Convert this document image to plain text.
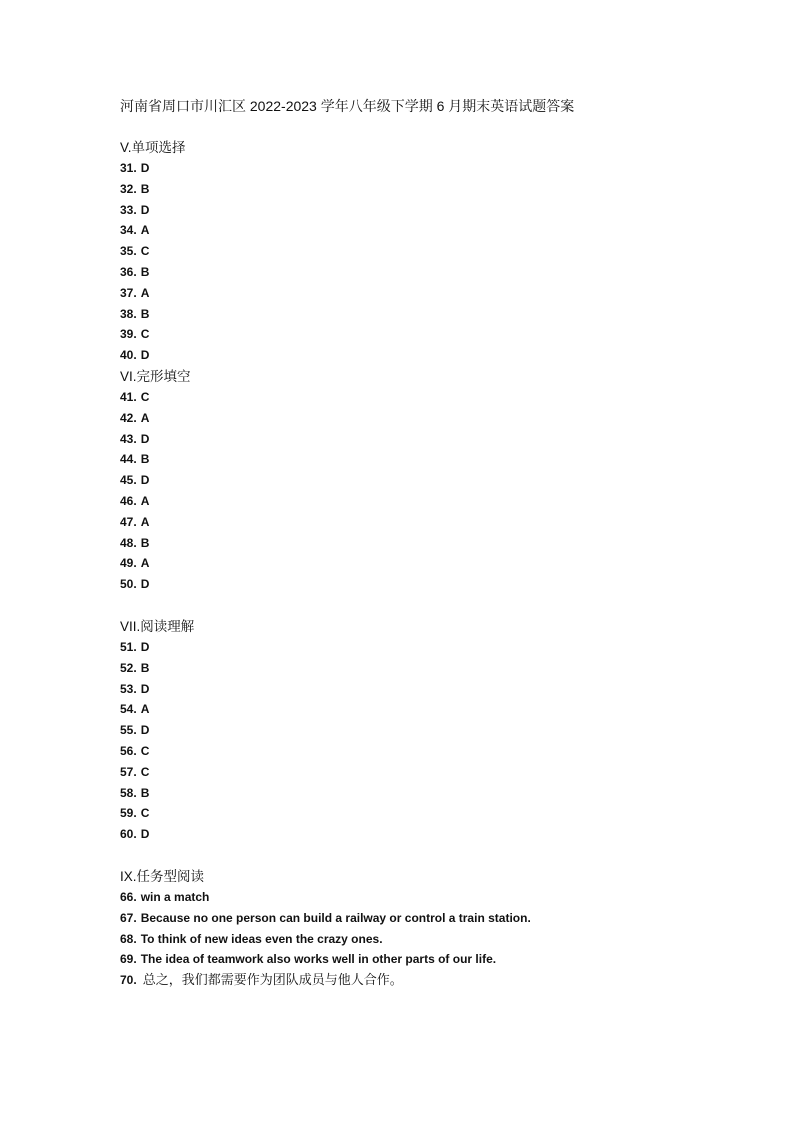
河南省周口市川汇区 2022-2023 学年八年级下学期 6 月期末英语试题答案
V.单项选择
31. D
32. B
33. D
34. A
35. C
36. B
37. A
38. B
39. C
40. D
VI.完形填空
41. C
42. A
43. D
44. B
45. D
46. A
47. A
48. B
49. A
50. D
VII.阅读理解
51. D
52. B
53. D
54. A
55. D
56. C
57. C
58. B
59. C
60. D
IX.任务型阅读
66. win a match
67. Because no one person can build a railway or control a train station.
68. To think of new ideas even the crazy ones.
69. The idea of teamwork also works well in other parts of our life.
70. 总之，我们都需要作为团队成员与他人合作。
